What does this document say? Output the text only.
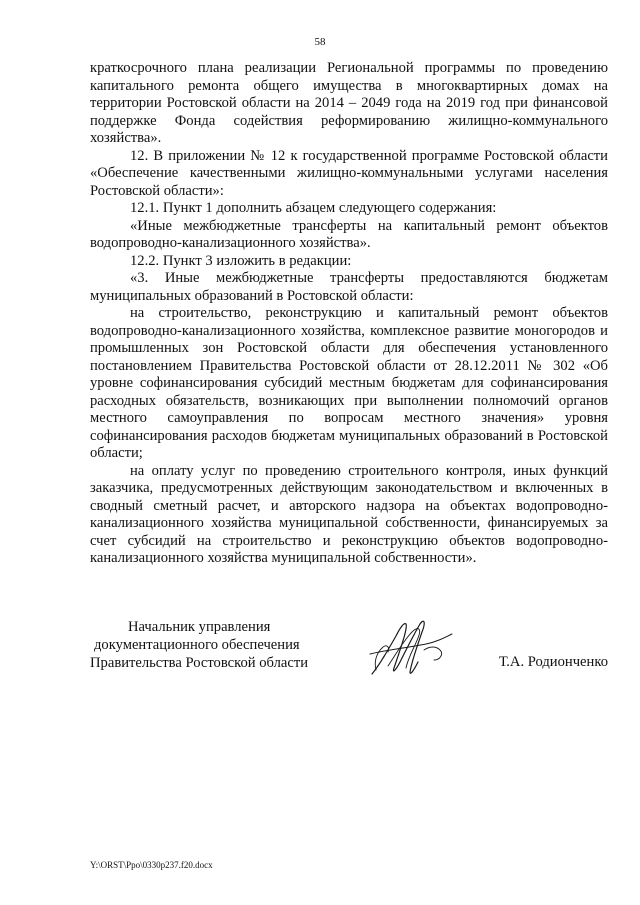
58

краткосрочного плана реализации Региональной программы по проведению капитального ремонта общего имущества в многоквартирных домах на территории Ростовской области на 2014 – 2049 года на 2019 год при финансовой поддержке Фонда содействия реформированию жилищно-коммунального хозяйства».

12. В приложении № 12 к государственной программе Ростовской области «Обеспечение качественными жилищно-коммунальными услугами населения Ростовской области»:

12.1. Пункт 1 дополнить абзацем следующего содержания:

«Иные межбюджетные трансферты на капитальный ремонт объектов водопроводно-канализационного хозяйства».

12.2. Пункт 3 изложить в редакции:

«3. Иные межбюджетные трансферты предоставляются бюджетам муниципальных образований в Ростовской области:

на строительство, реконструкцию и капитальный ремонт объектов водопроводно-канализационного хозяйства, комплексное развитие моногородов и промышленных зон Ростовской области для обеспечения установленного постановлением Правительства Ростовской области от 28.12.2011 № 302 «Об уровне софинансирования субсидий местным бюджетам для софинансирования расходных обязательств, возникающих при выполнении полномочий органов местного самоуправления по вопросам местного значения» уровня софинансирования расходов бюджетам муниципальных образований в Ростовской области;

на оплату услуг по проведению строительного контроля, иных функций заказчика, предусмотренных действующим законодательством и включенных в сводный сметный расчет, и авторского надзора на объектах водопроводно-канализационного хозяйства муниципальной собственности, финансируемых за счет субсидий на строительство и реконструкцию объектов водопроводно-канализационного хозяйства муниципальной собственности».

Начальник управления
документационного обеспечения
Правительства Ростовской области	Т.А. Родионченко
Y:\ORST\Ppo\0330p237.f20.docx
